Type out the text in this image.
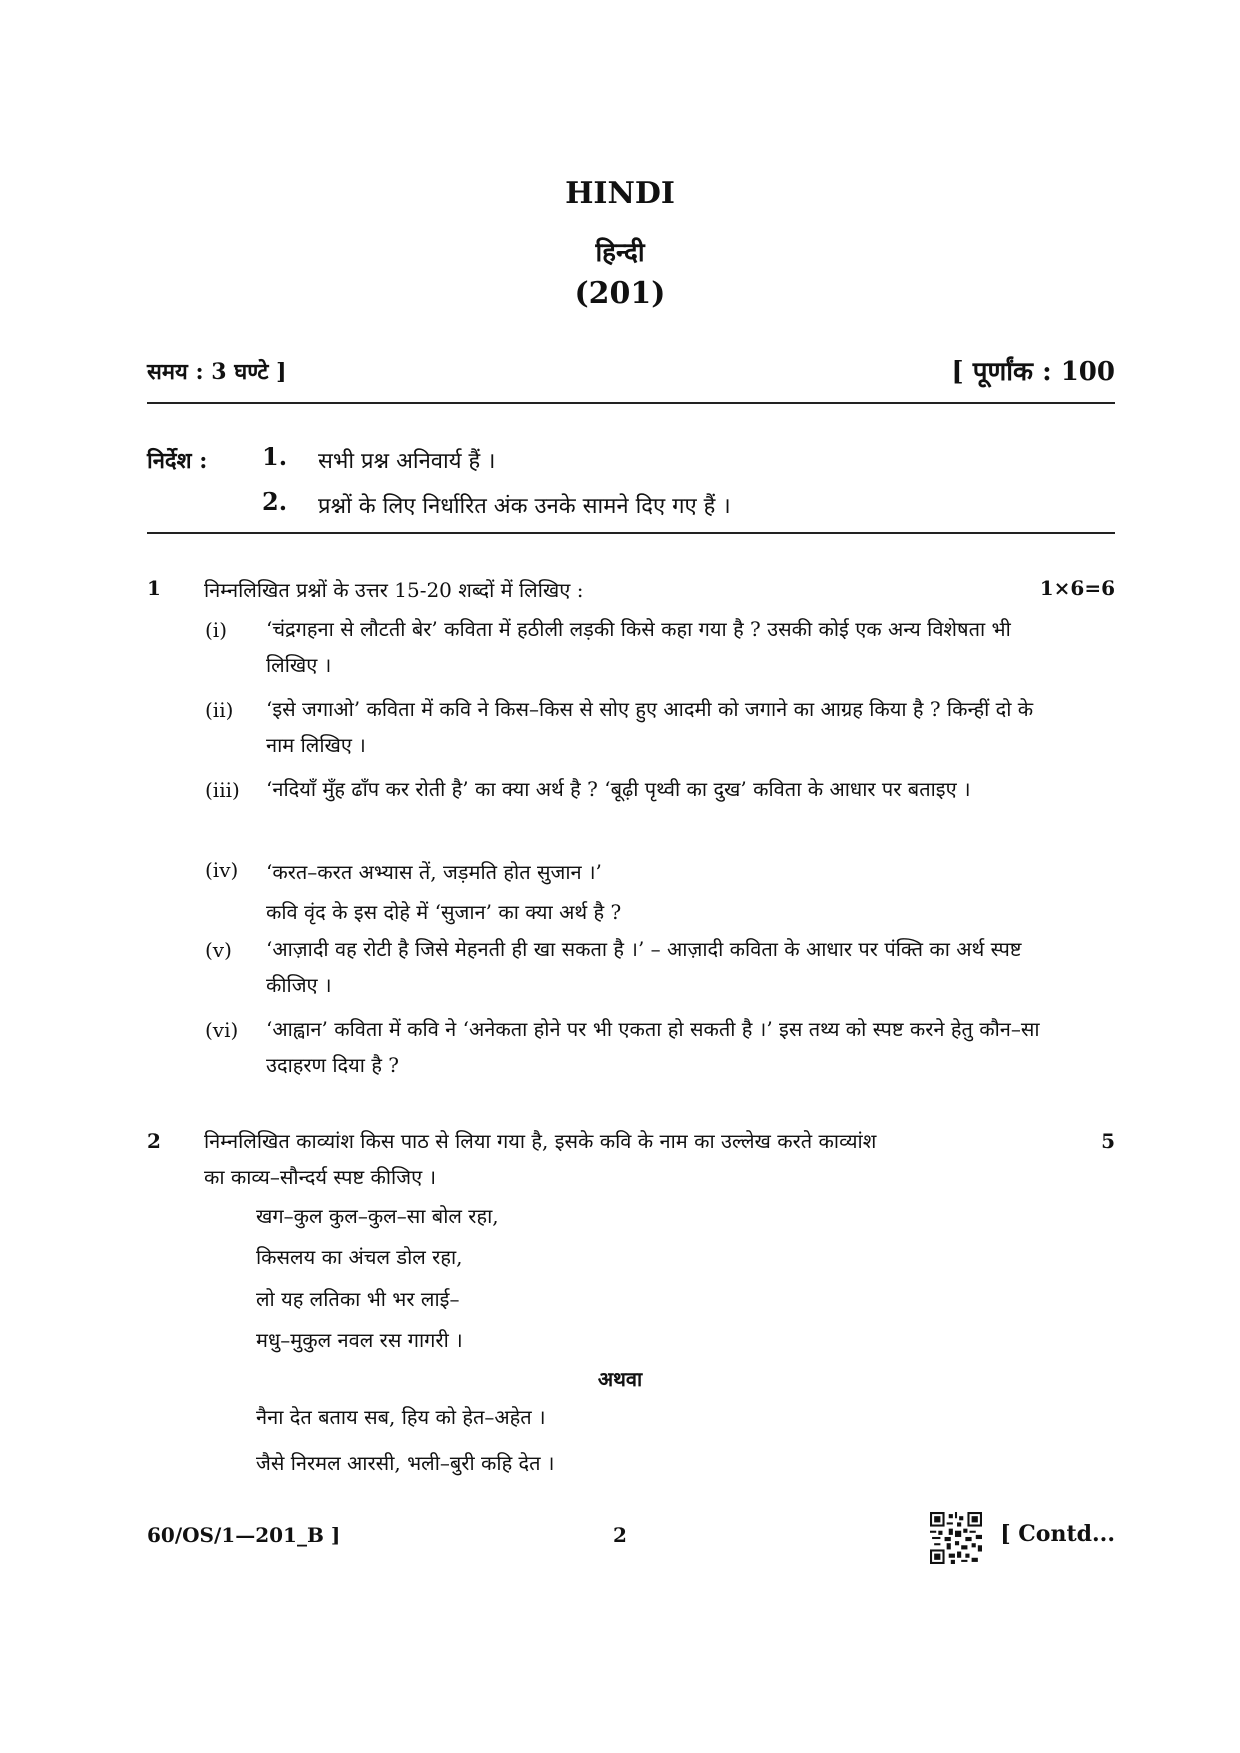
HINDI
हिन्दी
(201)
समय : 3 घण्टे ]	[ पूर्णांक : 100
निर्देश : 1. सभी प्रश्न अनिवार्य हैं ।
2. प्रश्नों के लिए निर्धारित अंक उनके सामने दिए गए हैं ।
1 निम्नलिखित प्रश्नों के उत्तर 15-20 शब्दों में लिखिए :	1×6=6
(i) ‘चंद्रगहना से लौटती बेर’ कविता में हठीली लड़की किसे कहा गया है ? उसकी कोई एक अन्य विशेषता भी लिखिए ।
(ii) ‘इसे जगाओ’ कविता में कवि ने किस–किस से सोए हुए आदमी को जगाने का आग्रह किया है ? किन्हीं दो के नाम लिखिए ।
(iii) ‘नदियाँ मुँह ढाँप कर रोती है’ का क्या अर्थ है ? ‘बूढ़ी पृथ्वी का दुख’ कविता के आधार पर बताइए ।
(iv) ‘करत–करत अभ्यास तें, जड़मति होत सुजान ।’
कवि वृंद के इस दोहे में ‘सुजान’ का क्या अर्थ है ?
(v) ‘आज़ादी वह रोटी है जिसे मेहनती ही खा सकता है ।’ – आज़ादी कविता के आधार पर पंक्ति का अर्थ स्पष्ट कीजिए ।
(vi) ‘आह्वान’ कविता में कवि ने ‘अनेकता होने पर भी एकता हो सकती है ।’ इस तथ्य को स्पष्ट करने हेतु कौन–सा उदाहरण दिया है ?
2 निम्नलिखित काव्यांश किस पाठ से लिया गया है, इसके कवि के नाम का उल्लेख करते काव्यांश
का काव्य–सौन्दर्य स्पष्ट कीजिए ।
5
खग–कुल कुल–कुल–सा बोल रहा,
किसलय का अंचल डोल रहा,
लो यह लतिका भी भर लाई–
मधु–मुकुल नवल रस गागरी ।
अथवा
नैना देत बताय सब, हिय को हेत–अहेत ।
जैसे निरमल आरसी, भली–बुरी कहि देत ।
60/OS/1—201_B ]	2	[ Contd...
